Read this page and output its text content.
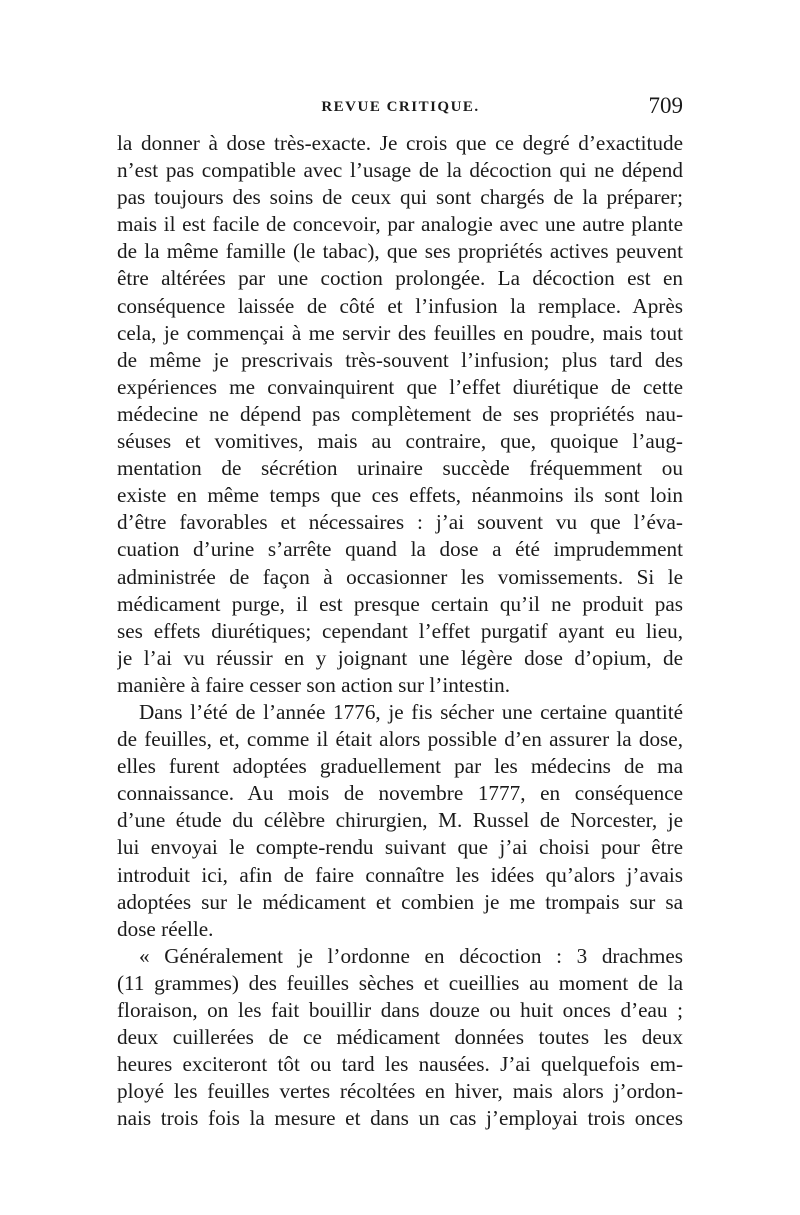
REVUE CRITIQUE.	709
la donner à dose très-exacte. Je crois que ce degré d’exactitude
n’est pas compatible avec l’usage de la décoction qui ne dépend
pas toujours des soins de ceux qui sont chargés de la préparer;
mais il est facile de concevoir, par analogie avec une autre plante
de la même famille (le tabac), que ses propriétés actives peuvent
être altérées par une coction prolongée. La décoction est en
conséquence laissée de côté et l’infusion la remplace. Après
cela, je commençai à me servir des feuilles en poudre, mais tout
de même je prescrivais très-souvent l’infusion; plus tard des
expériences me convainquirent que l’effet diurétique de cette
médecine ne dépend pas complètement de ses propriétés nau-
séuses et vomitives, mais au contraire, que, quoique l’aug-
mentation de sécrétion urinaire succède fréquemment ou
existe en même temps que ces effets, néanmoins ils sont loin
d’être favorables et nécessaires : j’ai souvent vu que l’éva-
cuation d’urine s’arrête quand la dose a été imprudemment
administrée de façon à occasionner les vomissements. Si le
médicament purge, il est presque certain qu’il ne produit pas
ses effets diurétiques; cependant l’effet purgatif ayant eu lieu,
je l’ai vu réussir en y joignant une légère dose d’opium, de
manière à faire cesser son action sur l’intestin.
Dans l’été de l’année 1776, je fis sécher une certaine quantité
de feuilles, et, comme il était alors possible d’en assurer la dose,
elles furent adoptées graduellement par les médecins de ma
connaissance. Au mois de novembre 1777, en conséquence
d’une étude du célèbre chirurgien, M. Russel de Norcester, je
lui envoyai le compte-rendu suivant que j’ai choisi pour être
introduit ici, afin de faire connaître les idées qu’alors j’avais
adoptées sur le médicament et combien je me trompais sur sa
dose réelle.
« Généralement je l’ordonne en décoction : 3 drachmes
(11 grammes) des feuilles sèches et cueillies au moment de la
floraison, on les fait bouillir dans douze ou huit onces d’eau ;
deux cuillerées de ce médicament données toutes les deux
heures exciteront tôt ou tard les nausées. J’ai quelquefois em-
ployé les feuilles vertes récoltées en hiver, mais alors j’ordon-
nais trois fois la mesure et dans un cas j’employai trois onces
